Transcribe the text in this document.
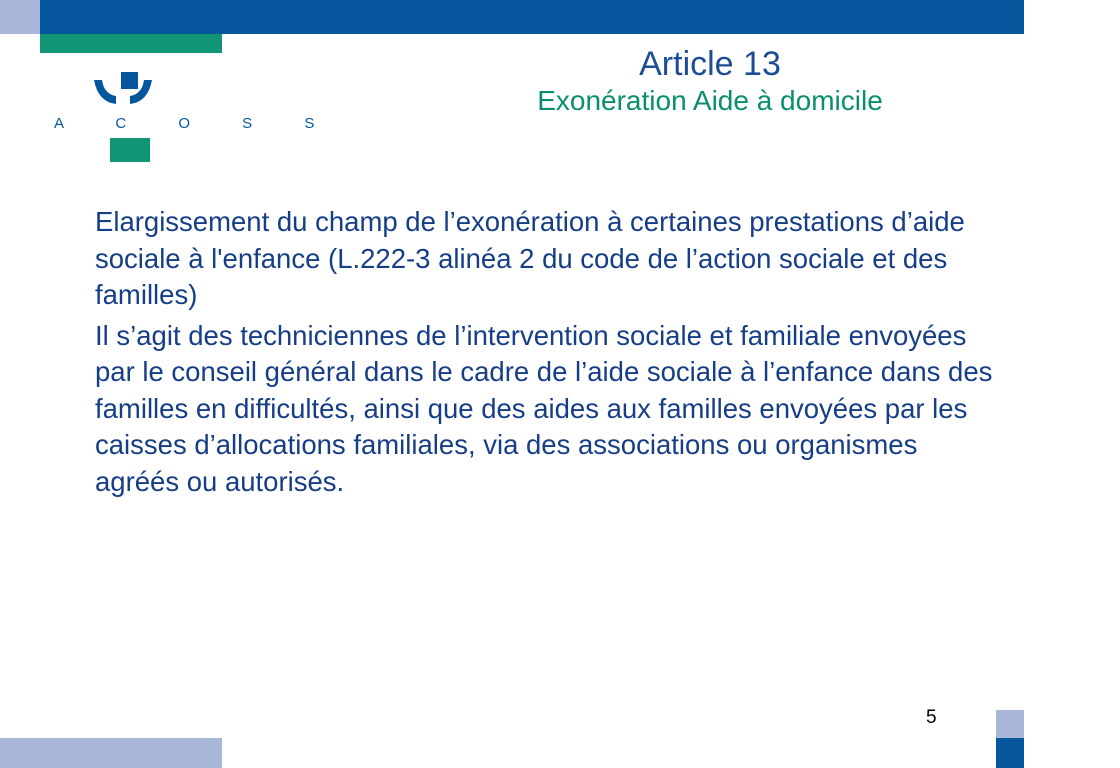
A C O S S
Article 13
Exonération Aide à domicile

Elargissement du champ de l’exonération à certaines prestations d’aide sociale à l'enfance (L.222-3 alinéa 2 du code de l’action sociale et des familles)

Il s’agit des techniciennes de l’intervention sociale et familiale envoyées par le conseil général dans le cadre de l’aide sociale à l’enfance dans des familles en difficultés, ainsi que des aides aux familles envoyées par les caisses d’allocations familiales, via des associations ou organismes agréés ou autorisés.

5
